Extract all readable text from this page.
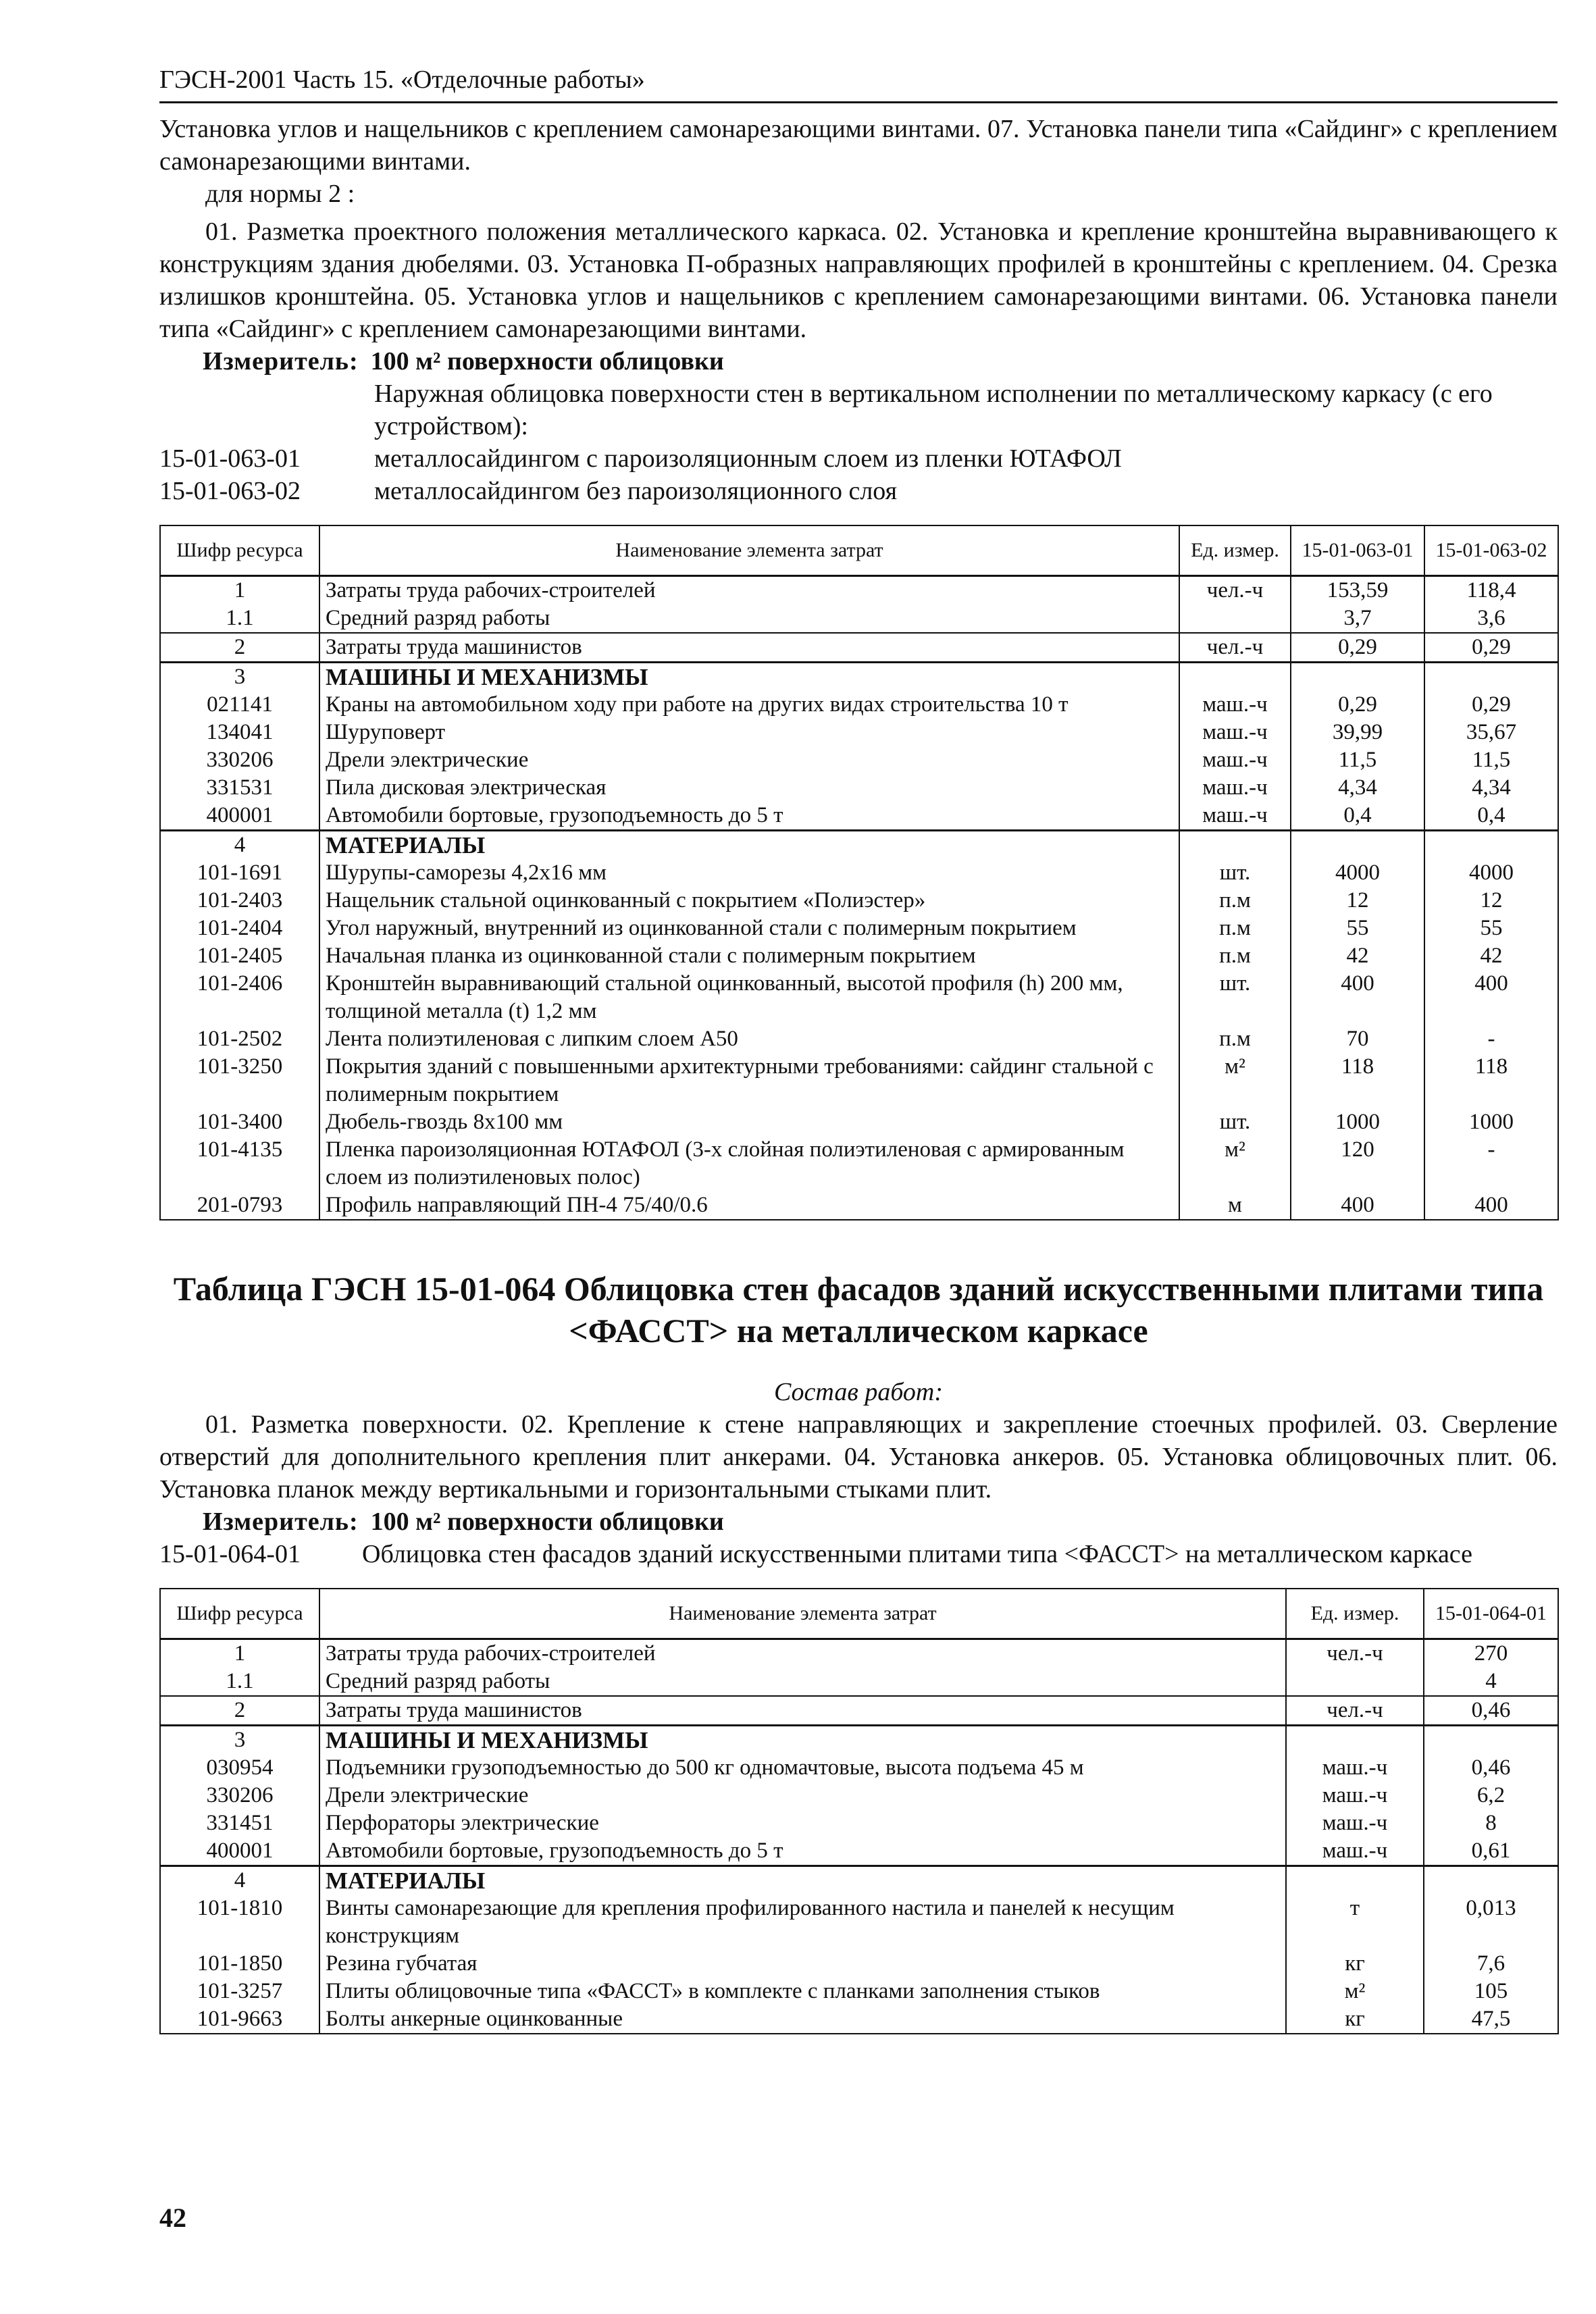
ГЭСН-2001 Часть 15. «Отделочные работы»
Установка углов и нащельников с креплением самонарезающими винтами. 07. Установка панели типа «Сайдинг» с креплением самонарезающими винтами.
для нормы 2 :
01. Разметка проектного положения металлического каркаса. 02. Установка и крепление кронштейна выравнивающего к конструкциям здания дюбелями. 03. Установка П-образных направляющих профилей в кронштейны с креплением. 04. Срезка излишков кронштейна. 05. Установка углов и нащельников с креплением самонарезающими винтами. 06. Установка панели типа «Сайдинг» с креплением самонарезающими винтами.
Измеритель: 100 м² поверхности облицовки
Наружная облицовка поверхности стен в вертикальном исполнении по металлическому каркасу (с его устройством):
15-01-063-01	металлосайдингом с пароизоляционным слоем из пленки ЮТАФОЛ
15-01-063-02	металлосайдингом без пароизоляционного слоя
Шифр ресурса	Наименование элемента затрат	Ед. измер.	15-01-063-01	15-01-063-02
1	Затраты труда рабочих-строителей	чел.-ч	153,59	118,4
1.1	Средний разряд работы		3,7	3,6
2	Затраты труда машинистов	чел.-ч	0,29	0,29
3	МАШИНЫ И МЕХАНИЗМЫ			
021141	Краны на автомобильном ходу при работе на других видах строительства 10 т	маш.-ч	0,29	0,29
134041	Шуруповерт	маш.-ч	39,99	35,67
330206	Дрели электрические	маш.-ч	11,5	11,5
331531	Пила дисковая электрическая	маш.-ч	4,34	4,34
400001	Автомобили бортовые, грузоподъемность до 5 т	маш.-ч	0,4	0,4
4	МАТЕРИАЛЫ			
101-1691	Шурупы-саморезы 4,2х16 мм	шт.	4000	4000
101-2403	Нащельник стальной оцинкованный с покрытием «Полиэстер»	п.м	12	12
101-2404	Угол наружный, внутренний из оцинкованной стали с полимерным покрытием	п.м	55	55
101-2405	Начальная планка из оцинкованной стали с полимерным покрытием	п.м	42	42
101-2406	Кронштейн выравнивающий стальной оцинкованный, высотой профиля (h) 200 мм, толщиной металла (t) 1,2 мм	шт.	400	400
101-2502	Лента полиэтиленовая с липким слоем А50	п.м	70	-
101-3250	Покрытия зданий с повышенными архитектурными требованиями: сайдинг стальной с полимерным покрытием	м²	118	118
101-3400	Дюбель-гвоздь 8х100 мм	шт.	1000	1000
101-4135	Пленка пароизоляционная ЮТАФОЛ (3-х слойная полиэтиленовая с армированным слоем из полиэтиленовых полос)	м²	120	-
201-0793	Профиль направляющий ПН-4 75/40/0.6	м	400	400
Таблица ГЭСН 15-01-064 Облицовка стен фасадов зданий искусственными плитами типа <ФАССТ> на металлическом каркасе
Состав работ:
01. Разметка поверхности. 02. Крепление к стене направляющих и закрепление стоечных профилей. 03. Сверление отверстий для дополнительного крепления плит анкерами. 04. Установка анкеров. 05. Установка облицовочных плит. 06. Установка планок между вертикальными и горизонтальными стыками плит.
Измеритель: 100 м² поверхности облицовки
15-01-064-01	Облицовка стен фасадов зданий искусственными плитами типа <ФАССТ> на металлическом каркасе
Шифр ресурса	Наименование элемента затрат	Ед. измер.	15-01-064-01
1	Затраты труда рабочих-строителей	чел.-ч	270
1.1	Средний разряд работы		4
2	Затраты труда машинистов	чел.-ч	0,46
3	МАШИНЫ И МЕХАНИЗМЫ		
030954	Подъемники грузоподъемностью до 500 кг одномачтовые, высота подъема 45 м	маш.-ч	0,46
330206	Дрели электрические	маш.-ч	6,2
331451	Перфораторы электрические	маш.-ч	8
400001	Автомобили бортовые, грузоподъемность до 5 т	маш.-ч	0,61
4	МАТЕРИАЛЫ		
101-1810	Винты самонарезающие для крепления профилированного настила и панелей к несущим конструкциям	т	0,013
101-1850	Резина губчатая	кг	7,6
101-3257	Плиты облицовочные типа «ФАССТ» в комплекте с планками заполнения стыков	м²	105
101-9663	Болты анкерные оцинкованные	кг	47,5
42
